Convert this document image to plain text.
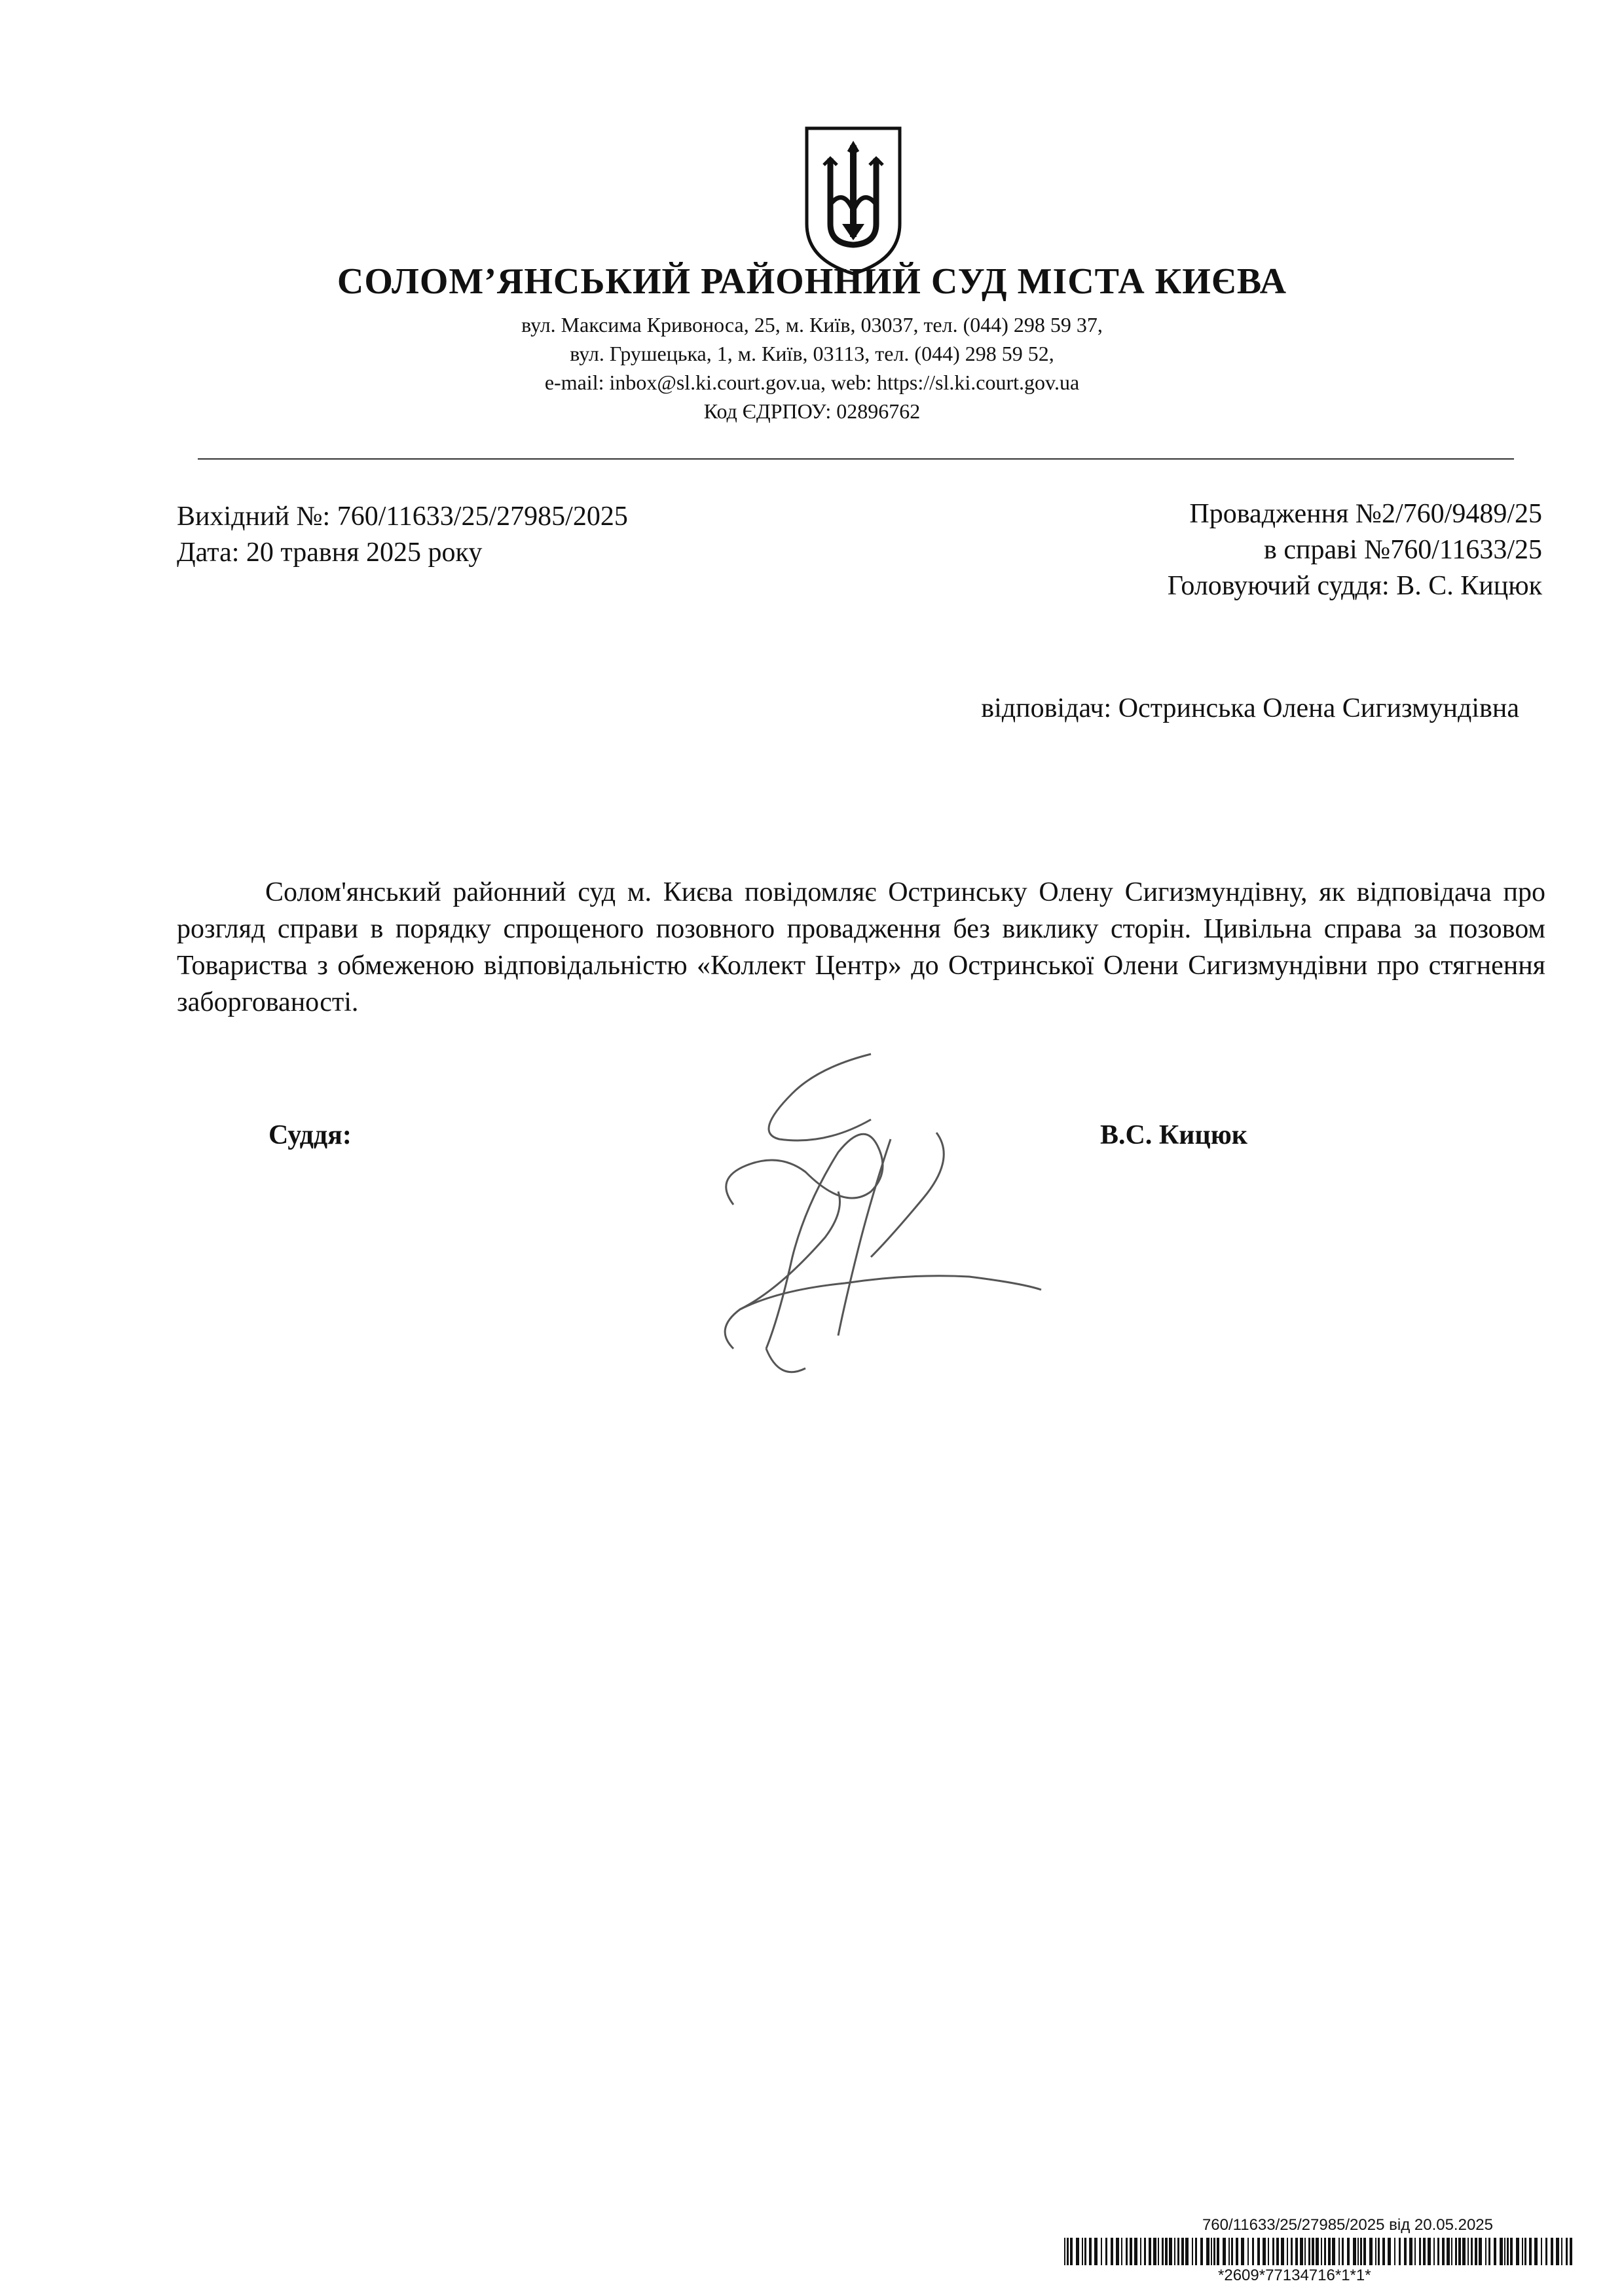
СОЛОМ’ЯНСЬКИЙ РАЙОННИЙ СУД МІСТА КИЄВА
вул. Максима Кривоноса, 25, м. Київ, 03037, тел. (044) 298 59 37,
вул. Грушецька, 1, м. Київ, 03113, тел. (044) 298 59 52,
e-mail: inbox@sl.ki.court.gov.ua, web: https://sl.ki.court.gov.ua
Код ЄДРПОУ: 02896762
Вихідний №: 760/11633/25/27985/2025
Дата: 20 травня 2025 року
Провадження №2/760/9489/25
в справі №760/11633/25
Головуючий суддя: В. С. Кицюк
відповідач: Остринська Олена Сигизмундівна
Солом'янський районний суд м. Києва повідомляє Остринську Олену Сигизмундівну, як відповідача про розгляд справи в порядку спрощеного позовного провадження без виклику сторін. Цивільна справа за позовом Товариства з обмеженою відповідальністю «Коллект Центр» до Остринської Олени Сигизмундівни про стягнення заборгованості.
Суддя:	В.С. Кицюк
760/11633/25/27985/2025 від 20.05.2025
*2609*77134716*1*1*
